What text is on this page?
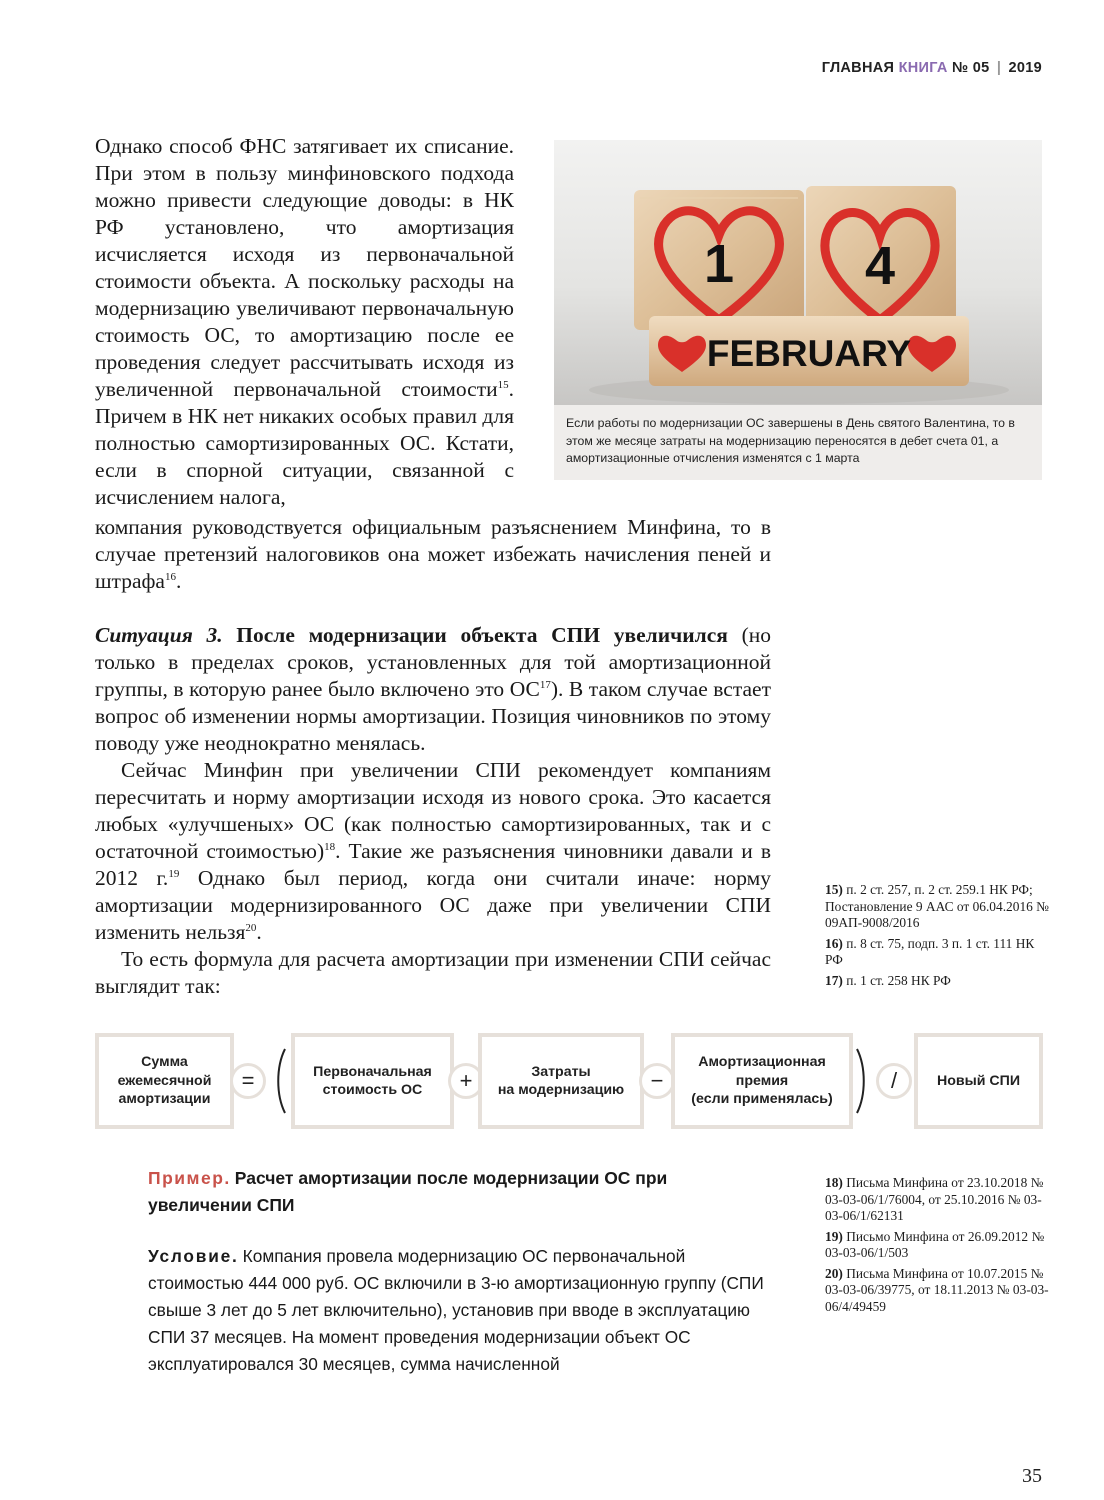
ГЛАВНАЯ КНИГА № 05 | 2019

Однако способ ФНС затягивает их списание. При этом в пользу минфиновского подхода можно привести следующие доводы: в НК РФ установлено, что амортизация исчисляется исходя из первоначальной стоимости объекта. А поскольку расходы на модернизацию увеличивают первоначальную стоимость ОС, то амортизацию после ее проведения следует рассчитывать исходя из увеличенной первоначальной стоимости$^{15}$. Причем в НК нет никаких особых правил для полностью самортизированных ОС. Кстати, если в спорной ситуации, связанной с исчислением налога,

компания руководствуется официальным разъяснением Минфина, то в случае претензий налоговиков она может избежать начисления пеней и штрафа$^{16}$.

1 4
FEBRUARY
Если работы по модернизации ОС завершены в День святого Валентина, то в этом же месяце затраты на модернизацию переносятся в дебет счета 01, а амортизационные отчисления изменятся с 1 марта

Ситуация 3. После модернизации объекта СПИ увеличился (но только в пределах сроков, установленных для той амортизационной группы, в которую ранее было включено это ОС$^{17}$). В таком случае встает вопрос об изменении нормы амортизации. Позиция чиновников по этому поводу уже неоднократно менялась.

Сейчас Минфин при увеличении СПИ рекомендует компаниям пересчитать и норму амортизации исходя из нового срока. Это касается любых «улучшеных» ОС (как полностью самортизированных, так и с остаточной стоимостью)$^{18}$. Такие же разъяснения чиновники давали и в 2012 г.$^{19}$ Однако был период, когда они считали иначе: норму амортизации модернизированного ОС даже при увеличении СПИ изменить нельзя$^{20}$.

То есть формула для расчета амортизации при изменении СПИ сейчас выглядит так:

15) п. 2 ст. 257, п. 2 ст. 259.1 НК РФ; Постановление 9 ААС от 06.04.2016 № 09АП-9008/2016
16) п. 8 ст. 75, подп. 3 п. 1 ст. 111 НК РФ
17) п. 1 ст. 258 НК РФ
Сумма
ежемесячной
амортизации
=	Первоначальная
стоимость ОС	+	Затраты
на модернизацию −
Амортизационная
премия
(если применялась)
/	Новый СПИ
Пример. Расчет амортизации после модернизации ОС при увеличении СПИ
Условие. Компания провела модернизацию ОС первоначальной стоимостью 444 000 руб. ОС включили в 3-ю амортизационную группу (СПИ свыше 3 лет до 5 лет включительно), установив при вводе в эксплуатацию СПИ 37 месяцев. На момент проведения модернизации объект ОС эксплуатировался 30 месяцев, сумма начисленной
18) Письма Минфина от 23.10.2018 № 03-03-06/1/76004, от 25.10.2016 № 03-03-06/1/62131
19) Письмо Минфина от 26.09.2012 № 03-03-06/1/503
20) Письма Минфина от 10.07.2015 № 03-03-06/39775, от 18.11.2013 № 03-03-06/4/49459
35
